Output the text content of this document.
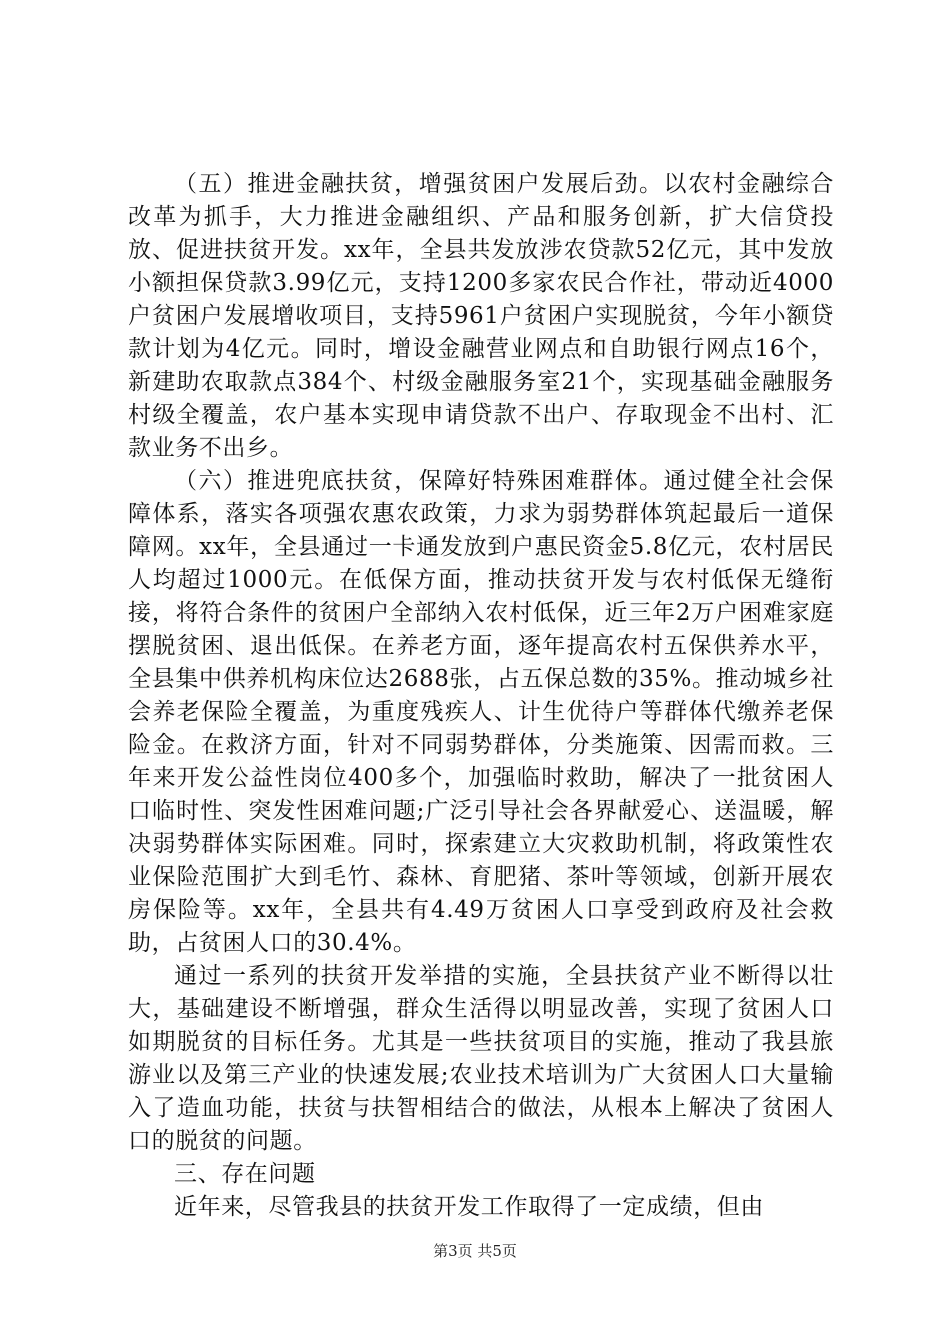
（五）推进金融扶贫，增强贫困户发展后劲。以农村金融综合改革为抓手，大力推进金融组织、产品和服务创新，扩大信贷投放、促进扶贫开发。xx年，全县共发放涉农贷款52亿元，其中发放小额担保贷款3.99亿元，支持1200多家农民合作社，带动近4000户贫困户发展增收项目，支持5961户贫困户实现脱贫，今年小额贷款计划为4亿元。同时，增设金融营业网点和自助银行网点16个，新建助农取款点384个、村级金融服务室21个，实现基础金融服务村级全覆盖，农户基本实现申请贷款不出户、存取现金不出村、汇款业务不出乡。

（六）推进兜底扶贫，保障好特殊困难群体。通过健全社会保障体系，落实各项强农惠农政策，力求为弱势群体筑起最后一道保障网。xx年，全县通过一卡通发放到户惠民资金5.8亿元，农村居民人均超过1000元。在低保方面，推动扶贫开发与农村低保无缝衔接，将符合条件的贫困户全部纳入农村低保，近三年2万户困难家庭摆脱贫困、退出低保。在养老方面，逐年提高农村五保供养水平，全县集中供养机构床位达2688张，占五保总数的35%。推动城乡社会养老保险全覆盖，为重度残疾人、计生优待户等群体代缴养老保险金。在救济方面，针对不同弱势群体，分类施策、因需而救。三年来开发公益性岗位400多个，加强临时救助，解决了一批贫困人口临时性、突发性困难问题;广泛引导社会各界献爱心、送温暖，解决弱势群体实际困难。同时，探索建立大灾救助机制，将政策性农业保险范围扩大到毛竹、森林、育肥猪、茶叶等领域，创新开展农房保险等。xx年，全县共有4.49万贫困人口享受到政府及社会救助，占贫困人口的30.4%。

通过一系列的扶贫开发举措的实施，全县扶贫产业不断得以壮大，基础建设不断增强，群众生活得以明显改善，实现了贫困人口如期脱贫的目标任务。尤其是一些扶贫项目的实施，推动了我县旅游业以及第三产业的快速发展;农业技术培训为广大贫困人口大量输入了造血功能，扶贫与扶智相结合的做法，从根本上解决了贫困人口的脱贫的问题。

三、存在问题

近年来，尽管我县的扶贫开发工作取得了一定成绩，但由

第3页 共5页
